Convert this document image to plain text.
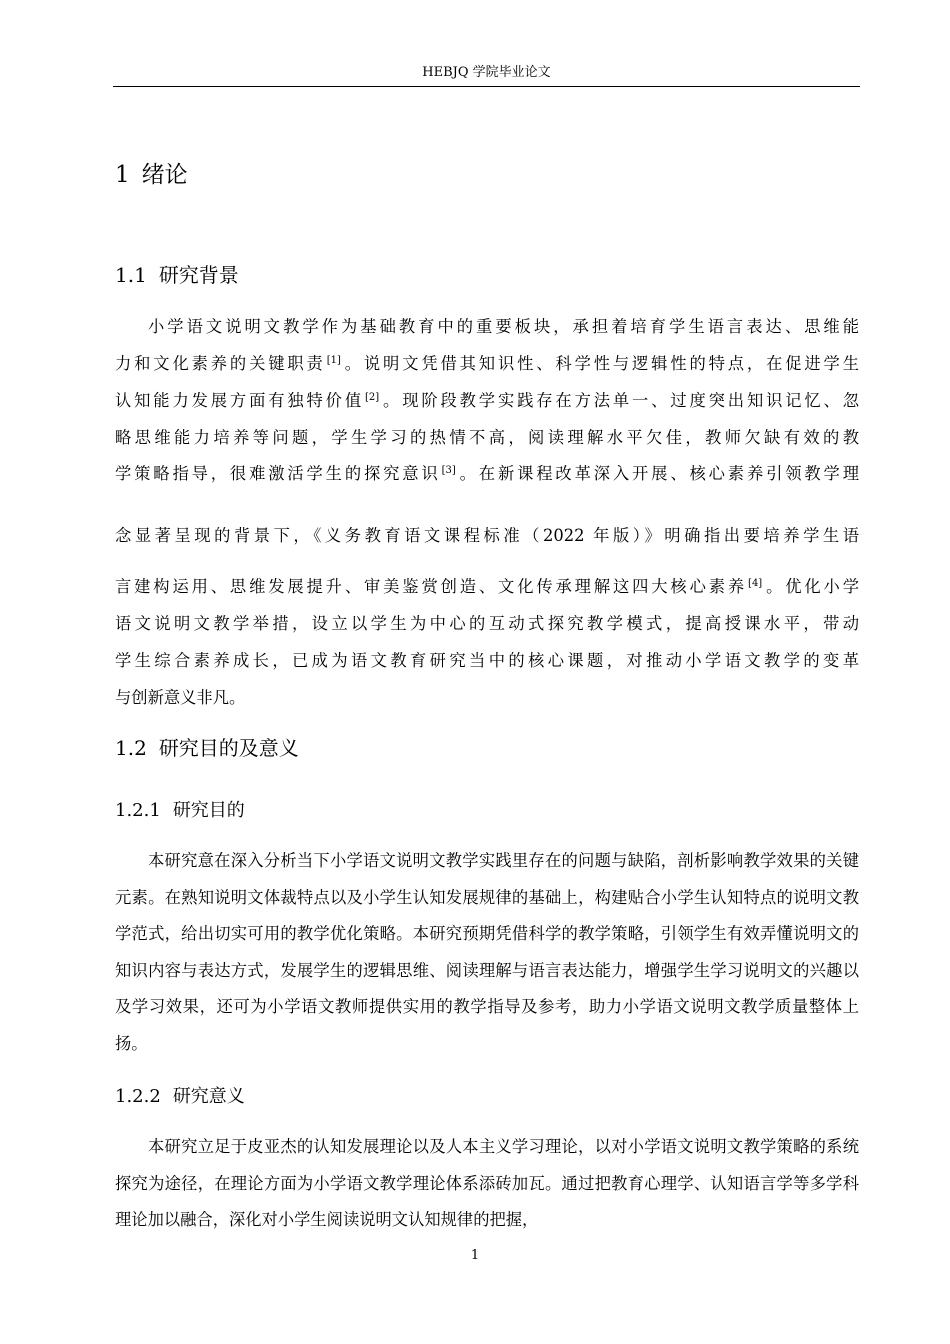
HEBJQ 学院毕业论文
1 绪论
1.1 研究背景

小学语文说明文教学作为基础教育中的重要板块，承担着培育学生语言表达、思维能

力和文化素养的关键职责[1]。说明文凭借其知识性、科学性与逻辑性的特点，在促进学生

认知能力发展方面有独特价值[2]。现阶段教学实践存在方法单一、过度突出知识记忆、忽

略思维能力培养等问题，学生学习的热情不高，阅读理解水平欠佳，教师欠缺有效的教

学策略指导，很难激活学生的探究意识[3]。在新课程改革深入开展、核心素养引领教学理

念显著呈现的背景下，《义务教育语文课程标准（2022 年版）》明确指出要培养学生语

言建构运用、思维发展提升、审美鉴赏创造、文化传承理解这四大核心素养[4]。优化小学

语文说明文教学举措，设立以学生为中心的互动式探究教学模式，提高授课水平，带动

学生综合素养成长，已成为语文教育研究当中的核心课题，对推动小学语文教学的变革

与创新意义非凡。

1.2 研究目的及意义
1.2.1 研究目的

本研究意在深入分析当下小学语文说明文教学实践里存在的问题与缺陷，剖析影响教学效果的关键元素。在熟知说明文体裁特点以及小学生认知发展规律的基础上，构建贴合小学生认知特点的说明文教学范式，给出切实可用的教学优化策略。本研究预期凭借科学的教学策略，引领学生有效弄懂说明文的知识内容与表达方式，发展学生的逻辑思维、阅读理解与语言表达能力，增强学生学习说明文的兴趣以及学习效果，还可为小学语文教师提供实用的教学指导及参考，助力小学语文说明文教学质量整体上扬。

1.2.2 研究意义

本研究立足于皮亚杰的认知发展理论以及人本主义学习理论，以对小学语文说明文教学策略的系统探究为途径，在理论方面为小学语文教学理论体系添砖加瓦。通过把教育心理学、认知语言学等多学科理论加以融合，深化对小学生阅读说明文认知规律的把握，

1
